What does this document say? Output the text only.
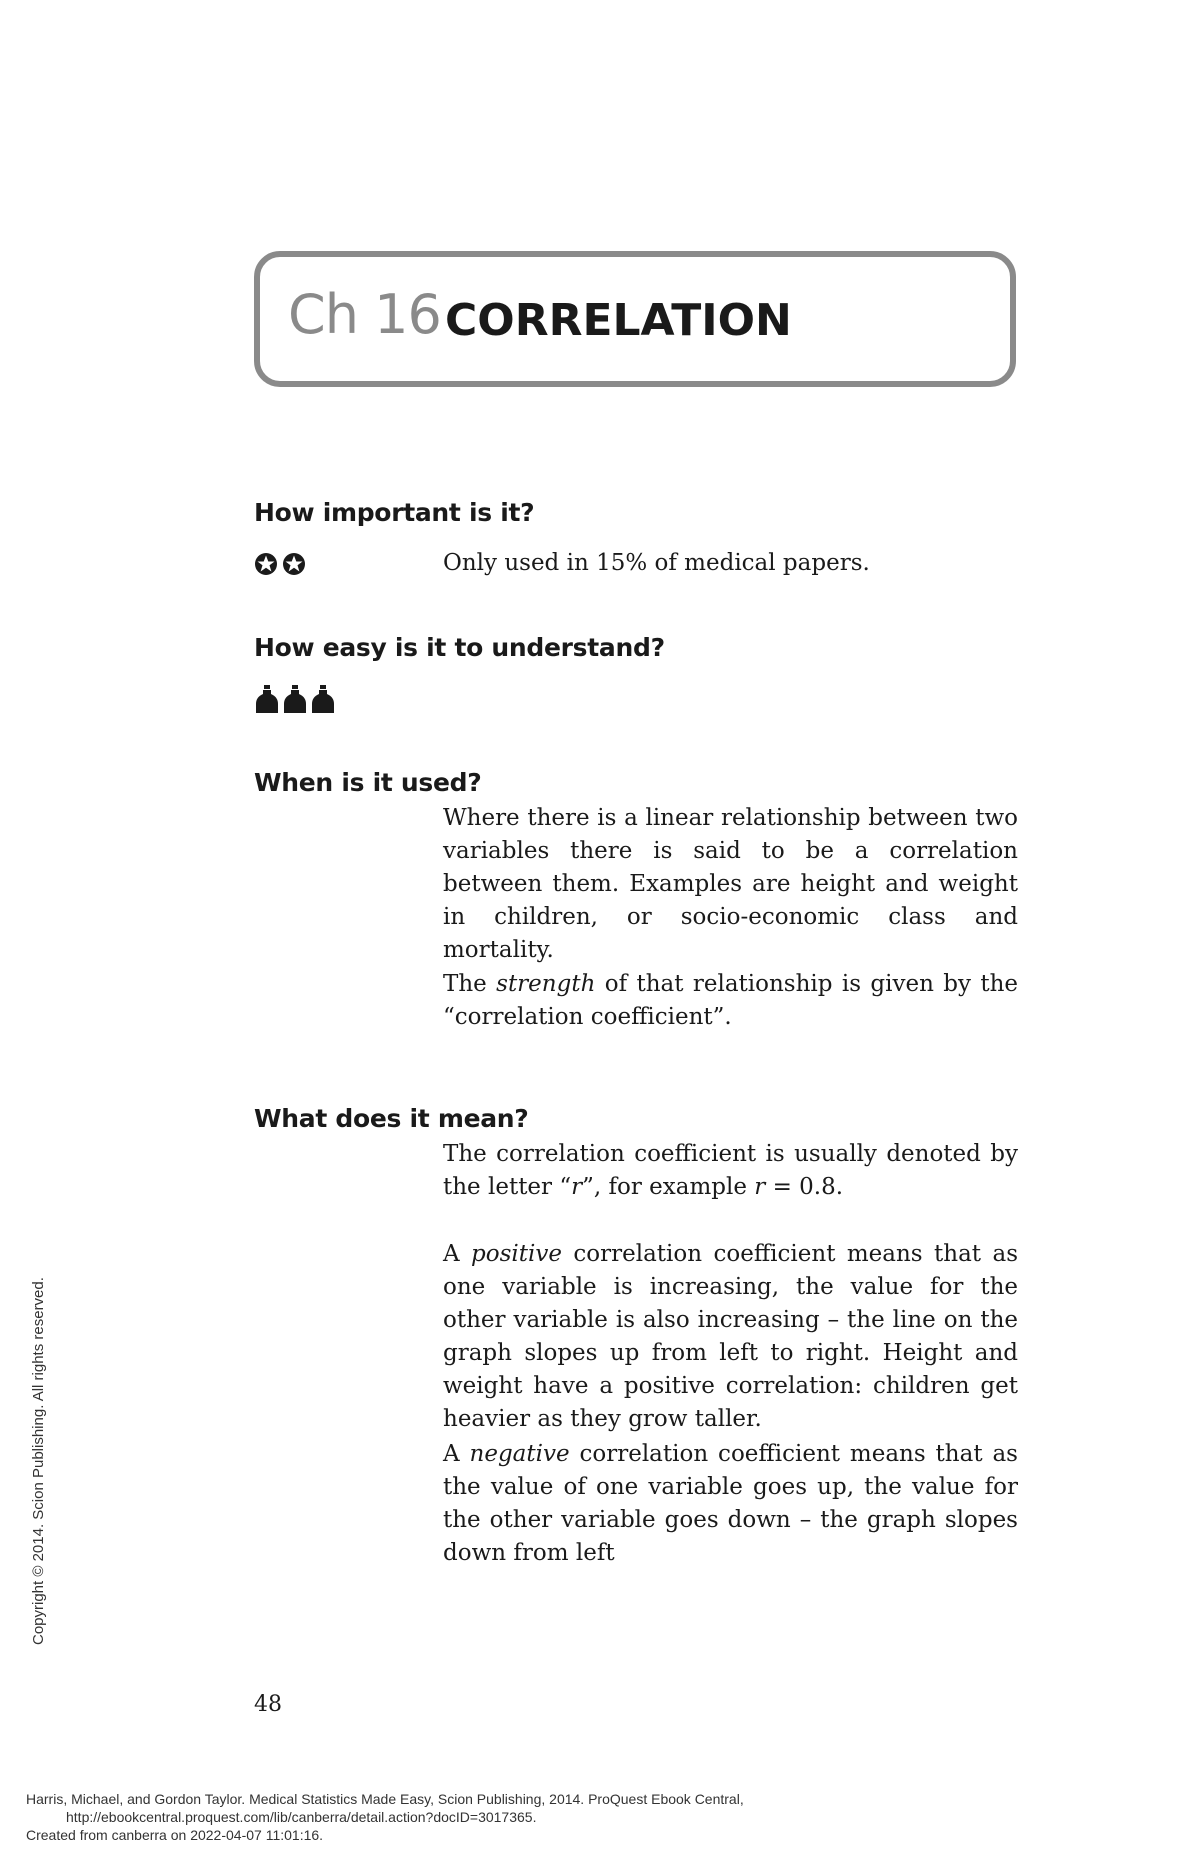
Ch 16 CORRELATION
How important is it?
Only used in 15% of medical papers.
How easy is it to understand?
When is it used?

Where there is a linear relationship between two variables there is said to be a correlation between them. Examples are height and weight in children, or socio-economic class and mortality.

The strength of that relationship is given by the “correlation coefficient”.

What does it mean?

The correlation coefficient is usually denoted by the letter “r”, for example r = 0.8.

A positive correlation coefficient means that as one variable is increasing, the value for the other variable is also increasing – the line on the graph slopes up from left to right. Height and weight have a positive correlation: children get heavier as they grow taller.

A negative correlation coefficient means that as the value of one variable goes up, the value for the other variable goes down – the graph slopes down from left

48
Copyright © 2014. Scion Publishing. All rights reserved.
Harris, Michael, and Gordon Taylor. Medical Statistics Made Easy, Scion Publishing, 2014. ProQuest Ebook Central,
http://ebookcentral.proquest.com/lib/canberra/detail.action?docID=3017365.
Created from canberra on 2022-04-07 11:01:16.
